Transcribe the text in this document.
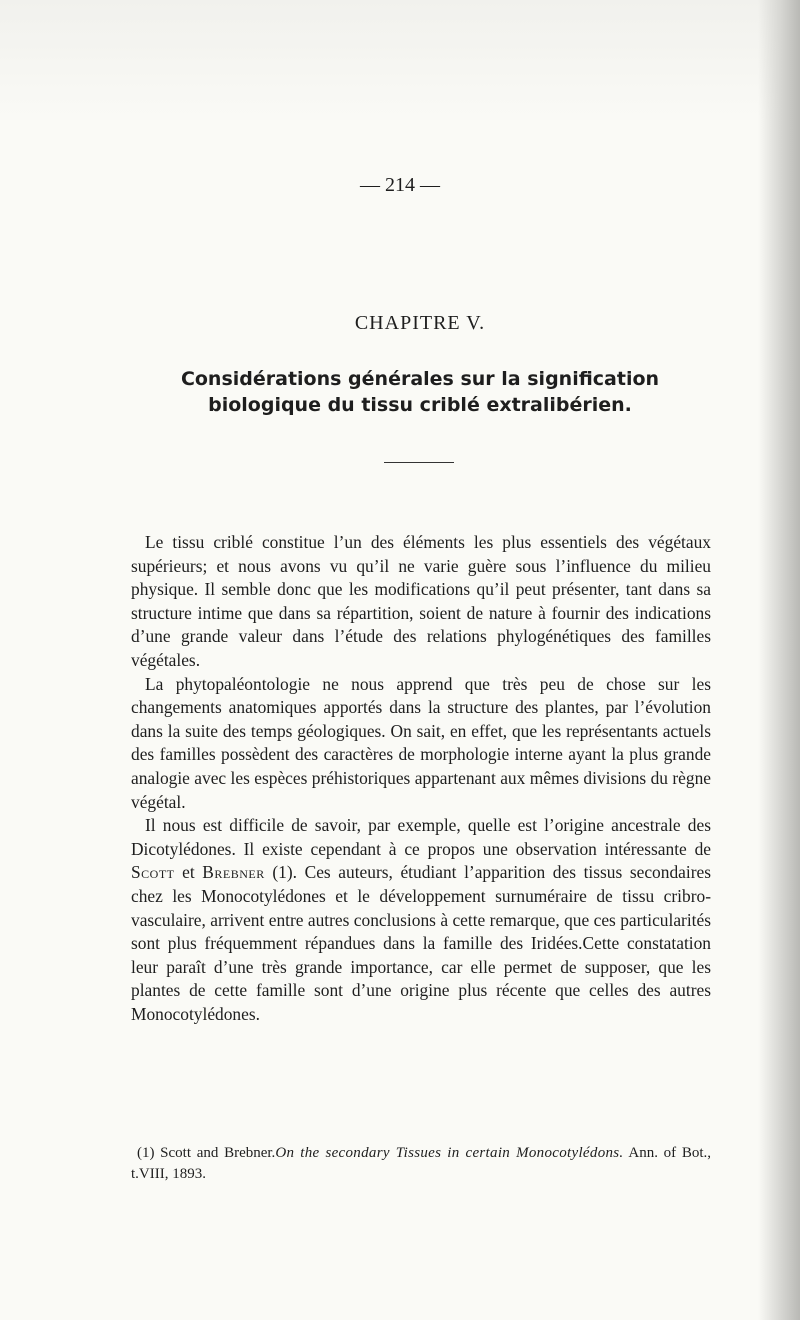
— 214 —
CHAPITRE V.
Considérations générales sur la signification
biologique du tissu criblé extralibérien.

Le tissu criblé constitue l’un des éléments les plus essentiels des végétaux supérieurs; et nous avons vu qu’il ne varie guère sous l’influence du milieu physique. Il semble donc que les modifications qu’il peut présenter, tant dans sa structure intime que dans sa répartition, soient de nature à fournir des indications d’une grande valeur dans l’étude des relations phylogénétiques des familles végétales.

La phytopaléontologie ne nous apprend que très peu de chose sur les changements anatomiques apportés dans la structure des plantes, par l’évolution dans la suite des temps géologiques. On sait, en effet, que les représentants actuels des familles possèdent des caractères de morphologie interne ayant la plus grande analogie avec les espèces préhistoriques appartenant aux mêmes divisions du règne végétal.

Il nous est difficile de savoir, par exemple, quelle est l’origine ancestrale des Dicotylédones. Il existe cependant à ce propos une observation intéressante de Scott et Brebner (1). Ces auteurs, étudiant l’apparition des tissus secondaires chez les Monocotylédones et le développement surnuméraire de tissu cribro-vasculaire, arrivent entre autres conclusions à cette remarque, que ces particularités sont plus fréquemment répandues dans la famille des Iridées.Cette constatation leur paraît d’une très grande importance, car elle permet de supposer, que les plantes de cette famille sont d’une origine plus récente que celles des autres Monocotylédones.

(1) Scott and Brebner.On the secondary Tissues in certain Monocotylédons. Ann. of Bot., t.VIII, 1893.
